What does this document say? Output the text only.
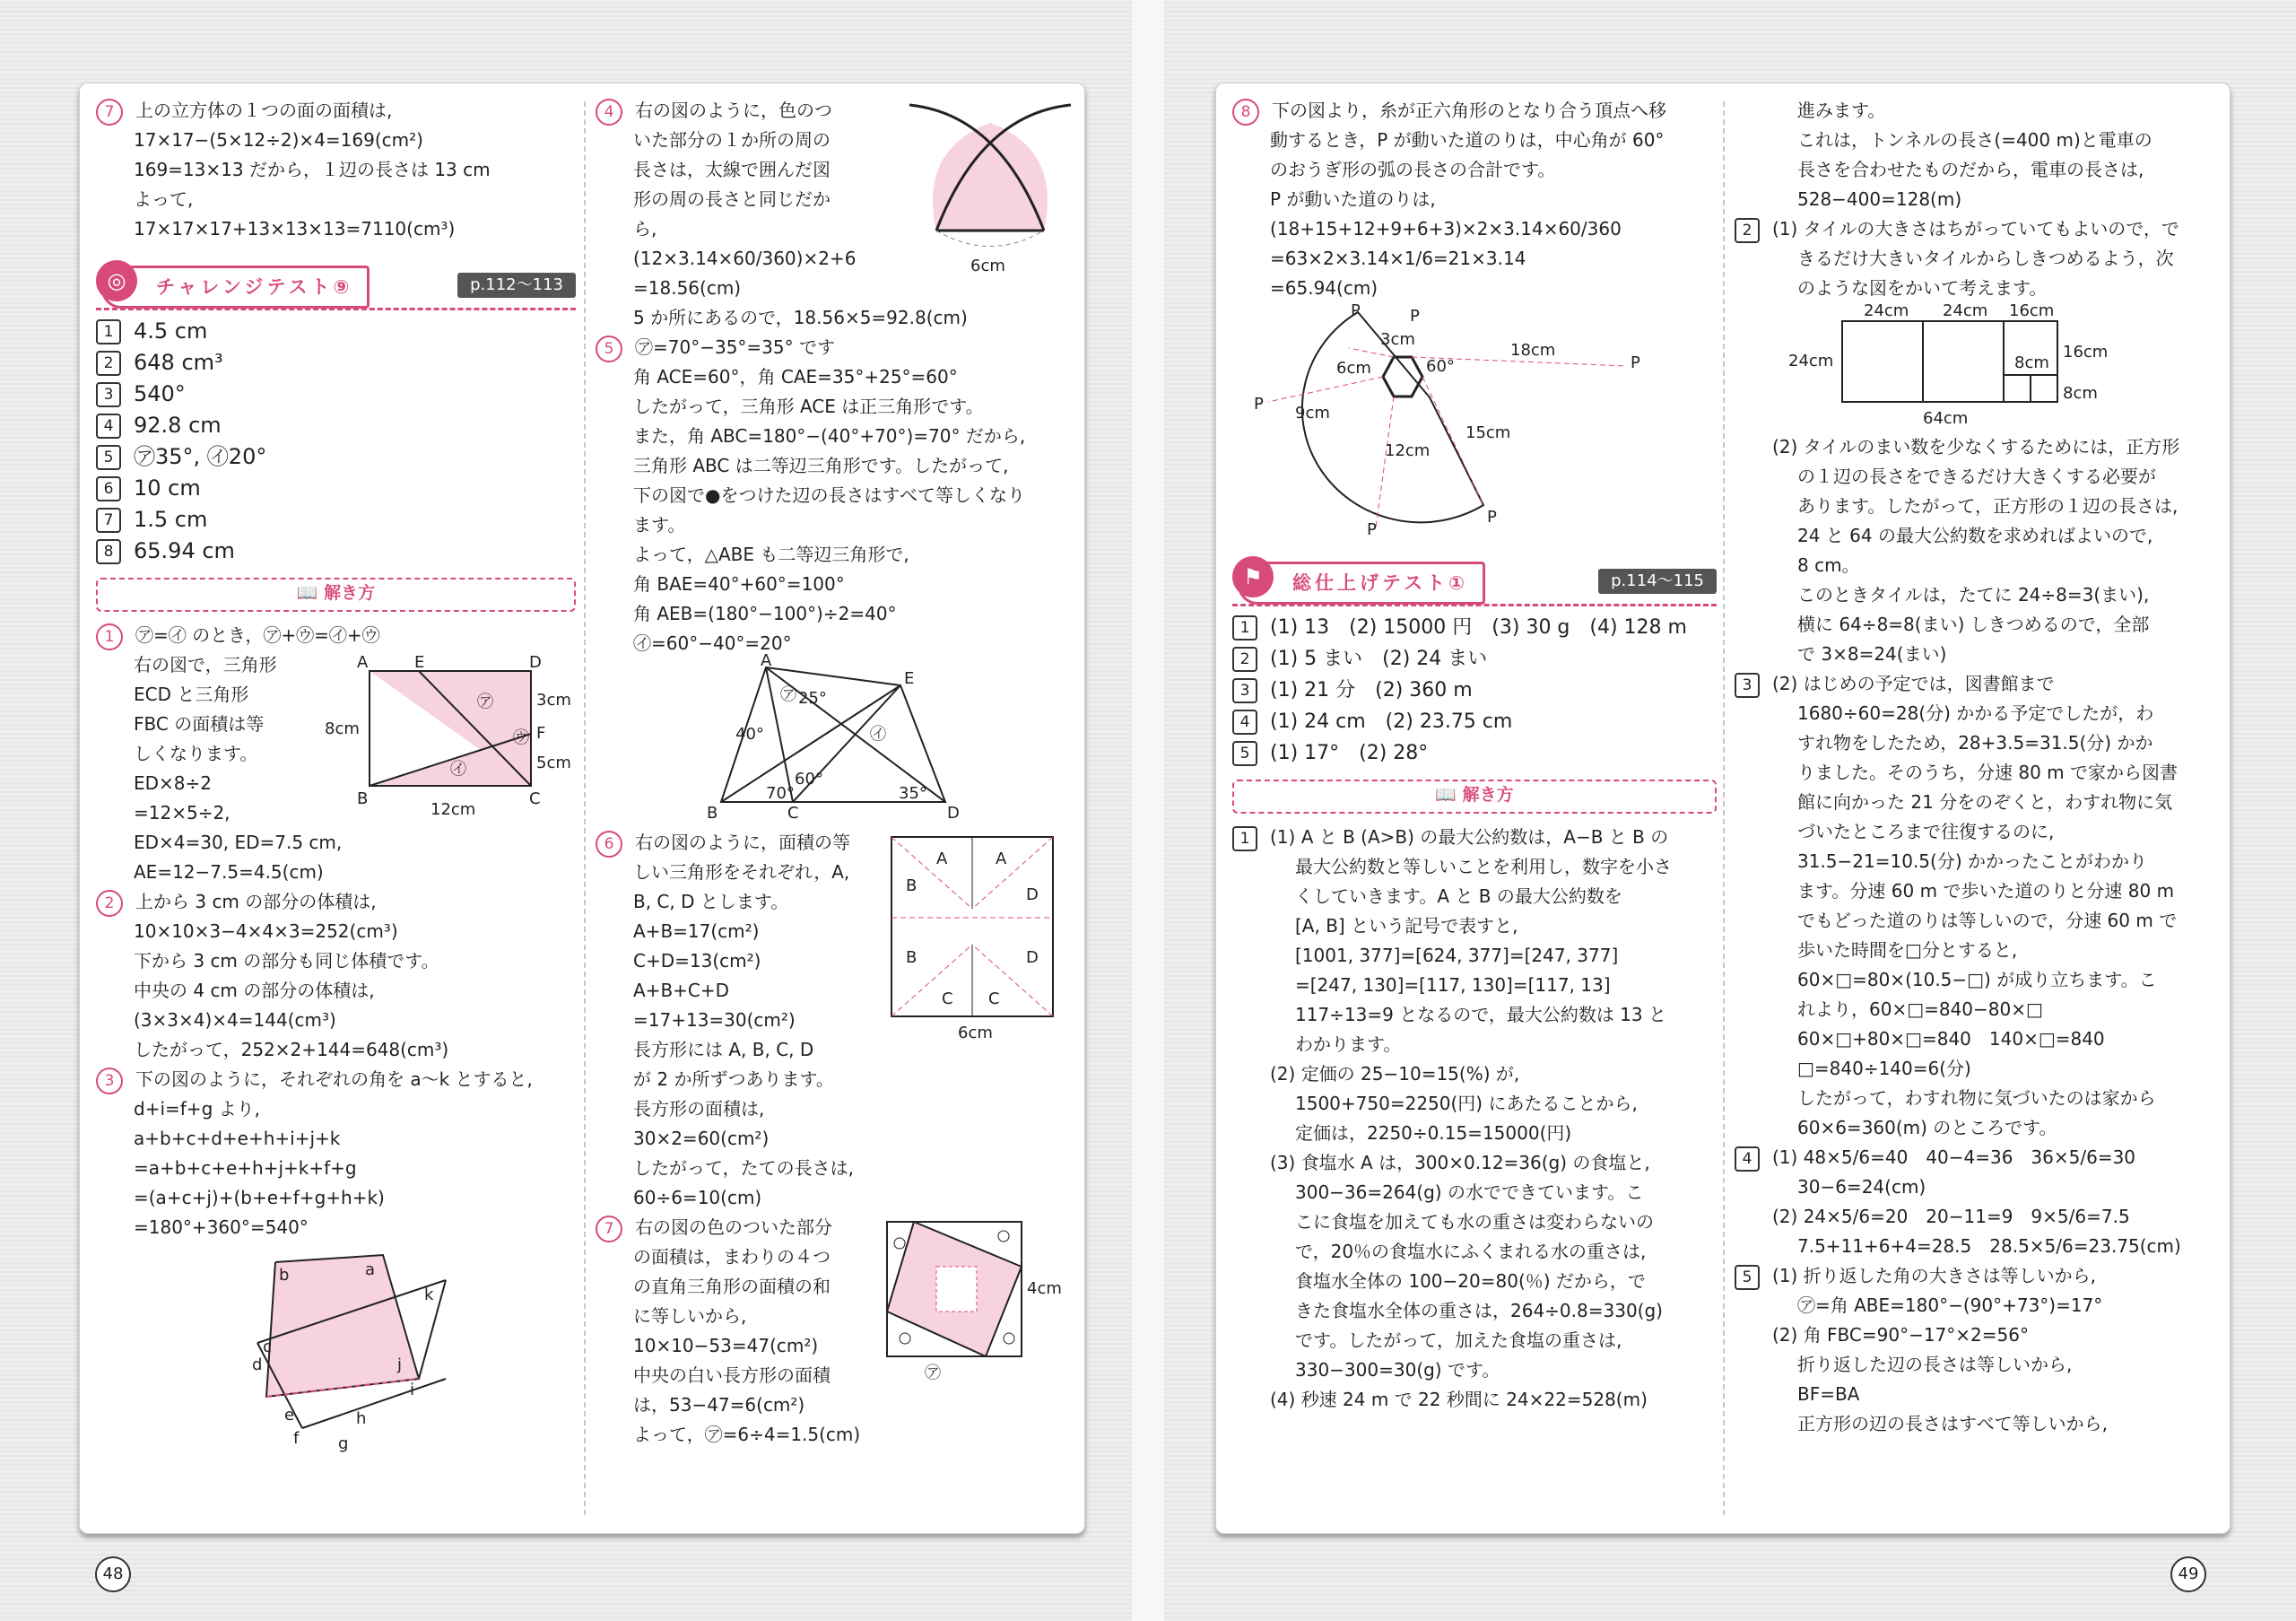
7 上の立方体の１つの面の面積は,
17×17−(5×12÷2)×4=169(cm²)
169=13×13 だから，１辺の長さは 13 cm
よって,
17×17×17+13×13×13=7110(cm³)
チャレンジテスト⑨
◎	p.112〜113
1 4.5 cm
2 648 cm³
3 540°
4 92.8 cm
5 ㋐35°, ㋑20°
6 10 cm
7 1.5 cm
8 65.94 cm
📖 解き方
1 ㋐=㋑ のとき，㋐+㋒=㋑+㋒
右の図で，三角形
ECD と三角形
FBC の面積は等
しくなります。
ED×8÷2
=12×5÷2,
ED×4=30, ED=7.5 cm,
AE=12−7.5=4.5(cm)
A	E	D
B	C
F
㋐
㋑
㋒
3cm
5cm
8cm
12cm
2 上から 3 cm の部分の体積は,
10×10×3−4×4×3=252(cm³)
下から 3 cm の部分も同じ体積です。
中央の 4 cm の部分の体積は,
(3×3×4)×4=144(cm³)
したがって，252×2+144=648(cm³)
3 下の図のように，それぞれの角を a〜k とすると,
d+i=f+g より,
a+b+c+d+e+h+i+j+k
=a+b+c+e+h+j+k+f+g
=(a+c+j)+(b+e+f+g+h+k)
=180°+360°=540°
b	a
k
c
d
e
f g
h
i
j
4 右の図のように，色のつ
いた部分の１か所の周の
長さは，太線で囲んだ図
形の周の長さと同じだか
ら,
(12×3.14×60/360)×2+6
=18.56(cm)
5 か所にあるので，18.56×5=92.8(cm)
6cm
5 ㋐=70°−35°=35° です
角 ACE=60°，角 CAE=35°+25°=60°
したがって，三角形 ACE は正三角形です。
また，角 ABC=180°−(40°+70°)=70° だから,
三角形 ABC は二等辺三角形です。したがって,
下の図で●をつけた辺の長さはすべて等しくなり
ます。
よって，△ABE も二等辺三角形で,
角 BAE=40°+60°=100°
角 AEB=(180°−100°)÷2=40°
㋑=60°−40°=20°
A
B	C	D
E
40°
25°
60°
70°	35°
㋐
㋑
6 右の図のように，面積の等
しい三角形をそれぞれ，A,
B, C, D とします。
A+B=17(cm²)
C+D=13(cm²)
A+B+C+D
=17+13=30(cm²)
長方形には A, B, C, D
が 2 か所ずつあります。
長方形の面積は,
30×2=60(cm²)
したがって，たての長さは,
60÷6=10(cm)
A	A
B	D
B	D
C C
6cm
7 右の図の色のついた部分
の面積は，まわりの４つ
の直角三角形の面積の和
に等しいから,
10×10−53=47(cm²)
中央の白い長方形の面積
は，53−47=6(cm²)
よって，㋐=6÷4=1.5(cm)
4cm
㋐
48
8 下の図より，糸が正六角形のとなり合う頂点へ移
動するとき，P が動いた道のりは，中心角が 60°
のおうぎ形の弧の長さの合計です。
P が動いた道のりは,
(18+15+12+9+6+3)×2×3.14×60/360
=63×2×3.14×1/6=21×3.14
=65.94(cm)
3cm
6cm
9cm
12cm
15cm
18cm
60°
P	P
P
P
P
P
総仕上げテスト①
⚑	p.114〜115
1 (1) 13　(2) 15000 円　(3) 30 g　(4) 128 m
2 (1) 5 まい　(2) 24 まい
3 (1) 21 分　(2) 360 m
4 (1) 24 cm　(2) 23.75 cm
5 (1) 17°　(2) 28°
📖 解き方
1 (1) A と B (A>B) の最大公約数は，A−B と B の
最大公約数と等しいことを利用し，数字を小さ
くしていきます。A と B の最大公約数を
[A, B] という記号で表すと,
[1001, 377]=[624, 377]=[247, 377]
=[247, 130]=[117, 130]=[117, 13]
117÷13=9 となるので，最大公約数は 13 と
わかります。
(2) 定価の 25−10=15(%) が,
1500+750=2250(円) にあたることから,
定価は，2250÷0.15=15000(円)
(3) 食塩水 A は，300×0.12=36(g) の食塩と,
300−36=264(g) の水でできています。こ
こに食塩を加えても水の重さは変わらないの
で，20％の食塩水にふくまれる水の重さは,
食塩水全体の 100−20=80(％) だから，で
きた食塩水全体の重さは，264÷0.8=330(g)
です。したがって，加えた食塩の重さは,
330−300=30(g) です。
(4) 秒速 24 m で 22 秒間に 24×22=528(m)
進みます。
これは，トンネルの長さ(=400 m)と電車の
長さを合わせたものだから，電車の長さは,
528−400=128(m)
2 (1) タイルの大きさはちがっていてもよいので，で
きるだけ大きいタイルからしきつめるよう，次
のような図をかいて考えます。
24cm 24cm 16cm
24cm	8cm
16cm
8cm
64cm
(2) タイルのまい数を少なくするためには，正方形
の１辺の長さをできるだけ大きくする必要が
あります。したがって，正方形の１辺の長さは,
24 と 64 の最大公約数を求めればよいので,
8 cm。
このときタイルは，たてに 24÷8=3(まい),
横に 64÷8=8(まい) しきつめるので，全部
で 3×8=24(まい)
3 (2) はじめの予定では，図書館まで
1680÷60=28(分) かかる予定でしたが，わ
すれ物をしたため，28+3.5=31.5(分) かか
りました。そのうち，分速 80 m で家から図書
館に向かった 21 分をのぞくと，わすれ物に気
づいたところまで往復するのに,
31.5−21=10.5(分) かかったことがわかり
ます。分速 60 m で歩いた道のりと分速 80 m
でもどった道のりは等しいので，分速 60 m で
歩いた時間を□分とすると,
60×□=80×(10.5−□) が成り立ちます。こ
れより，60×□=840−80×□
60×□+80×□=840　140×□=840
□=840÷140=6(分)
したがって，わすれ物に気づいたのは家から
60×6=360(m) のところです。
4 (1) 48×5/6=40　40−4=36　36×5/6=30
30−6=24(cm)
(2) 24×5/6=20　20−11=9　9×5/6=7.5
7.5+11+6+4=28.5　28.5×5/6=23.75(cm)
5 (1) 折り返した角の大きさは等しいから,
㋐=角 ABE=180°−(90°+73°)=17°
(2) 角 FBC=90°−17°×2=56°
折り返した辺の長さは等しいから,
BF=BA
正方形の辺の長さはすべて等しいから,
49
